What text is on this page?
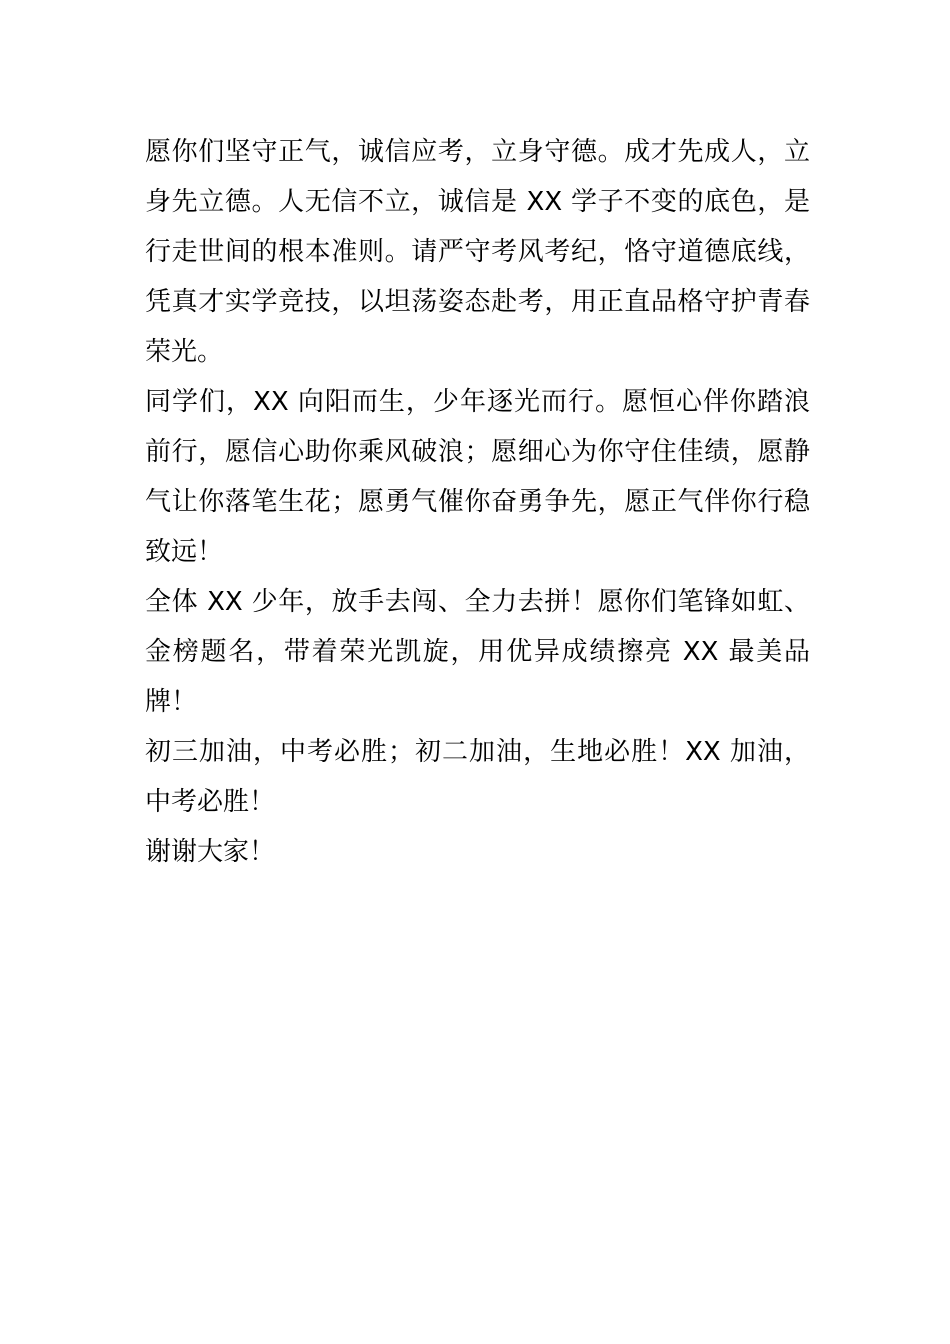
愿你们坚守正气，诚信应考，立身守德。成才先成人，立身先立德。人无信不立，诚信是 XX 学子不变的底色，是行走世间的根本准则。请严守考风考纪，恪守道德底线，凭真才实学竞技，以坦荡姿态赴考，用正直品格守护青春荣光。

同学们，XX 向阳而生，少年逐光而行。愿恒心伴你踏浪前行，愿信心助你乘风破浪；愿细心为你守住佳绩，愿静气让你落笔生花；愿勇气催你奋勇争先，愿正气伴你行稳致远！

全体 XX 少年，放手去闯、全力去拼！愿你们笔锋如虹、金榜题名，带着荣光凯旋，用优异成绩擦亮 XX 最美品牌！

初三加油，中考必胜；初二加油，生地必胜！XX 加油，中考必胜！

谢谢大家！
